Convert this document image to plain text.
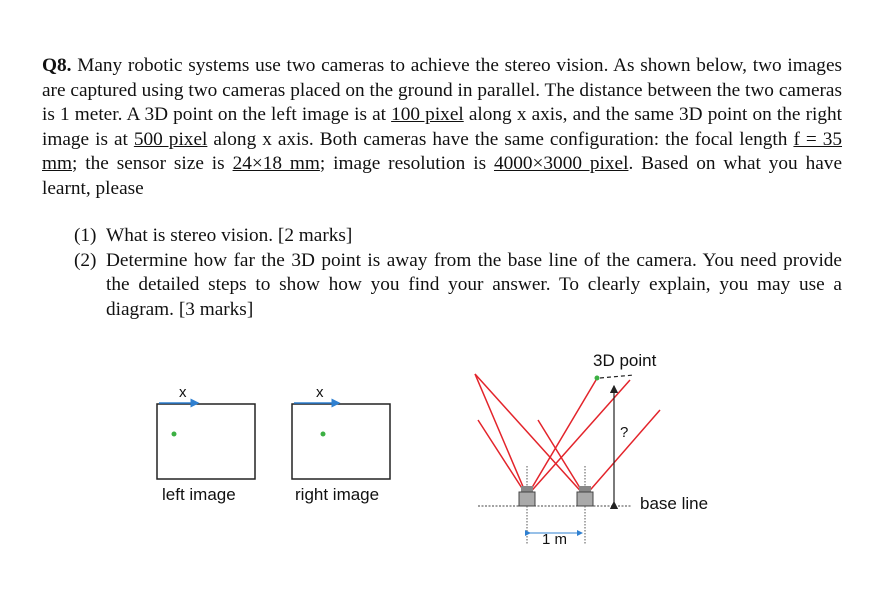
Q8. Many robotic systems use two cameras to achieve the stereo vision. As shown below, two images are captured using two cameras placed on the ground in parallel. The distance between the two cameras is 1 meter. A 3D point on the left image is at 100 pixel along x axis, and the same 3D point on the right image is at 500 pixel along x axis. Both cameras have the same configuration: the focal length f = 35 mm; the sensor size is 24×18 mm; image resolution is 4000×3000 pixel. Based on what you have learnt, please
(1) What is stereo vision. [2 marks]
(2) Determine how far the 3D point is away from the base line of the camera. You need provide the detailed steps to show how you find your answer. To clearly explain, you may use a diagram. [3 marks]
x	x
left image	right image
3D point
?
base line
1 m
